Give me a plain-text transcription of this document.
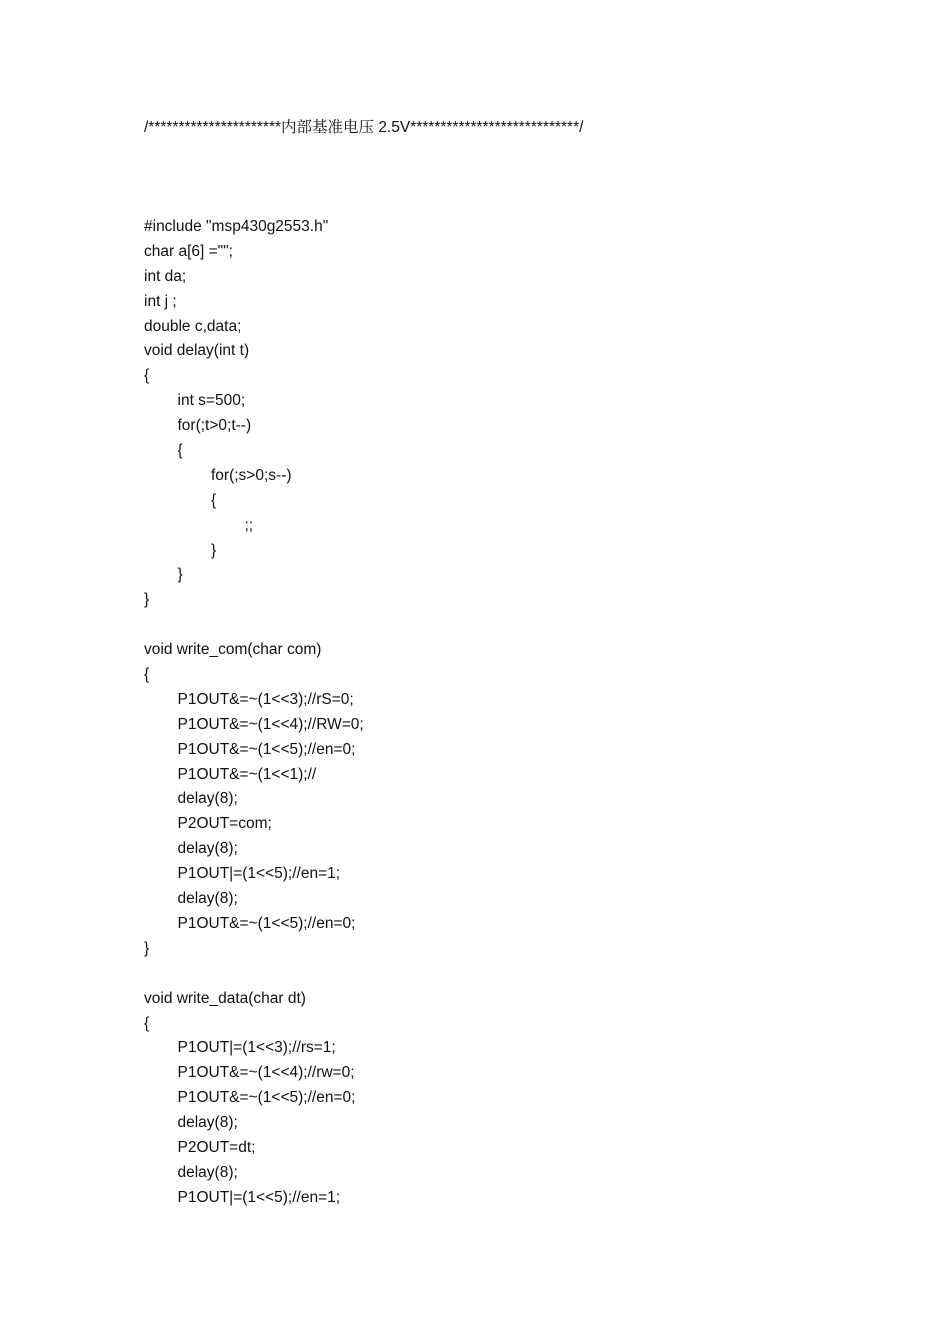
/**********************内部基准电压 2.5V****************************/
#include "msp430g2553.h"
char a[6] ="";
int da;
int j ;
double c,data;
void delay(int t)
{
int s=500;
for(;t>0;t--)
{
for(;s>0;s--)
{
;;
}
}
}
void write_com(char com)
{
P1OUT&=~(1<<3);//rS=0;
P1OUT&=~(1<<4);//RW=0;
P1OUT&=~(1<<5);//en=0;
P1OUT&=~(1<<1);//
delay(8);
P2OUT=com;
delay(8);
P1OUT|=(1<<5);//en=1;
delay(8);
P1OUT&=~(1<<5);//en=0;
}
void write_data(char dt)
{
P1OUT|=(1<<3);//rs=1;
P1OUT&=~(1<<4);//rw=0;
P1OUT&=~(1<<5);//en=0;
delay(8);
P2OUT=dt;
delay(8);
P1OUT|=(1<<5);//en=1;
